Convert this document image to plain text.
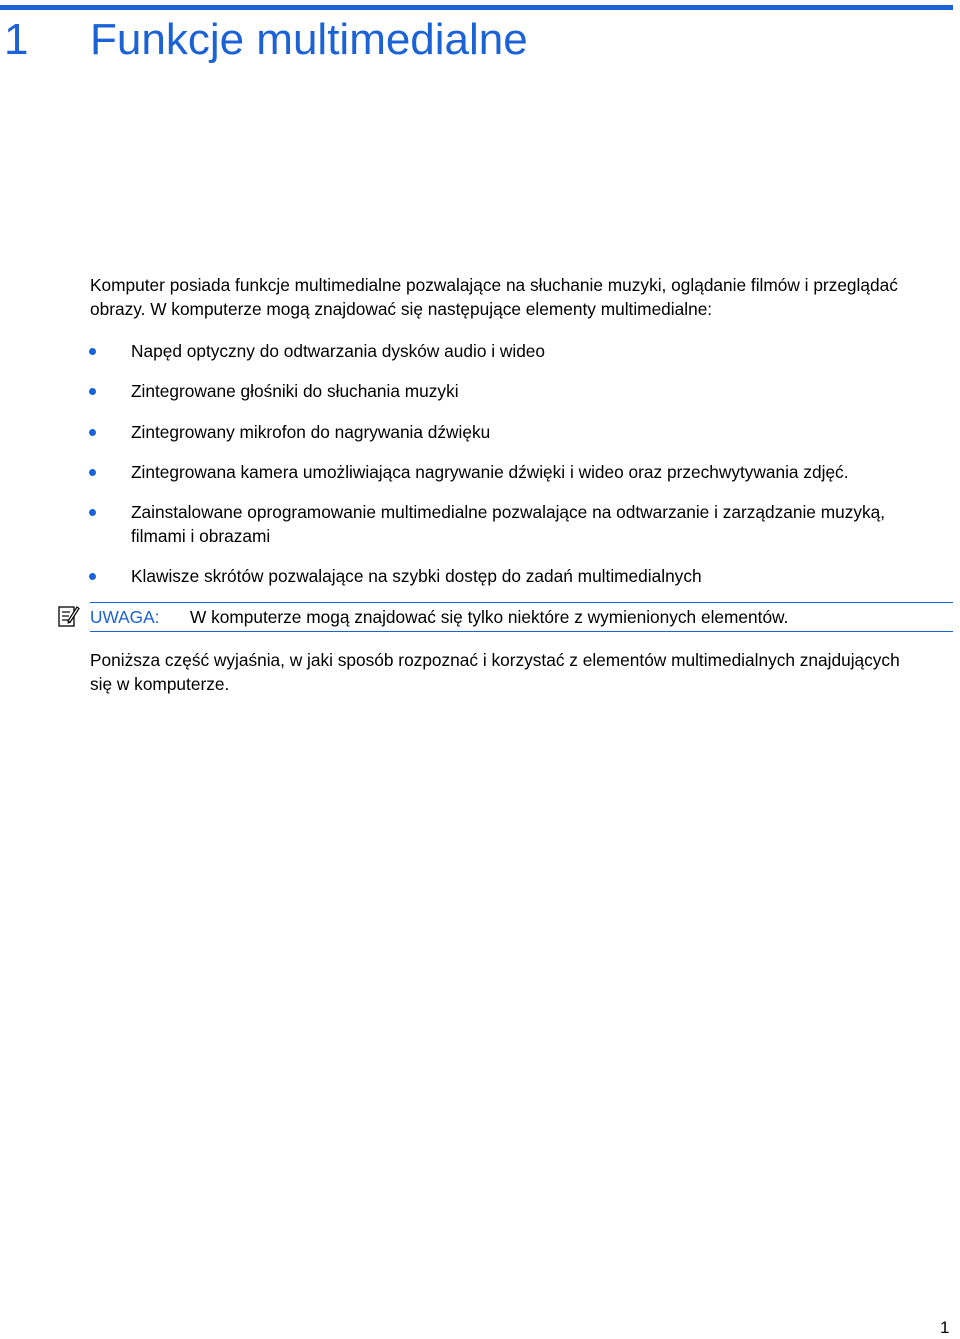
1 Funkcje multimedialne

Komputer posiada funkcje multimedialne pozwalające na słuchanie muzyki, oglądanie filmów i przeglądać obrazy. W komputerze mogą znajdować się następujące elementy multimedialne:

Napęd optyczny do odtwarzania dysków audio i wideo
Zintegrowane głośniki do słuchania muzyki
Zintegrowany mikrofon do nagrywania dźwięku
Zintegrowana kamera umożliwiająca nagrywanie dźwięki i wideo oraz przechwytywania zdjęć.
Zainstalowane oprogramowanie multimedialne pozwalające na odtwarzanie i zarządzanie muzyką, filmami i obrazami
Klawisze skrótów pozwalające na szybki dostęp do zadań multimedialnych
UWAGA: W komputerze mogą znajdować się tylko niektóre z wymienionych elementów.

Poniższa część wyjaśnia, w jaki sposób rozpoznać i korzystać z elementów multimedialnych znajdujących się w komputerze.

1
